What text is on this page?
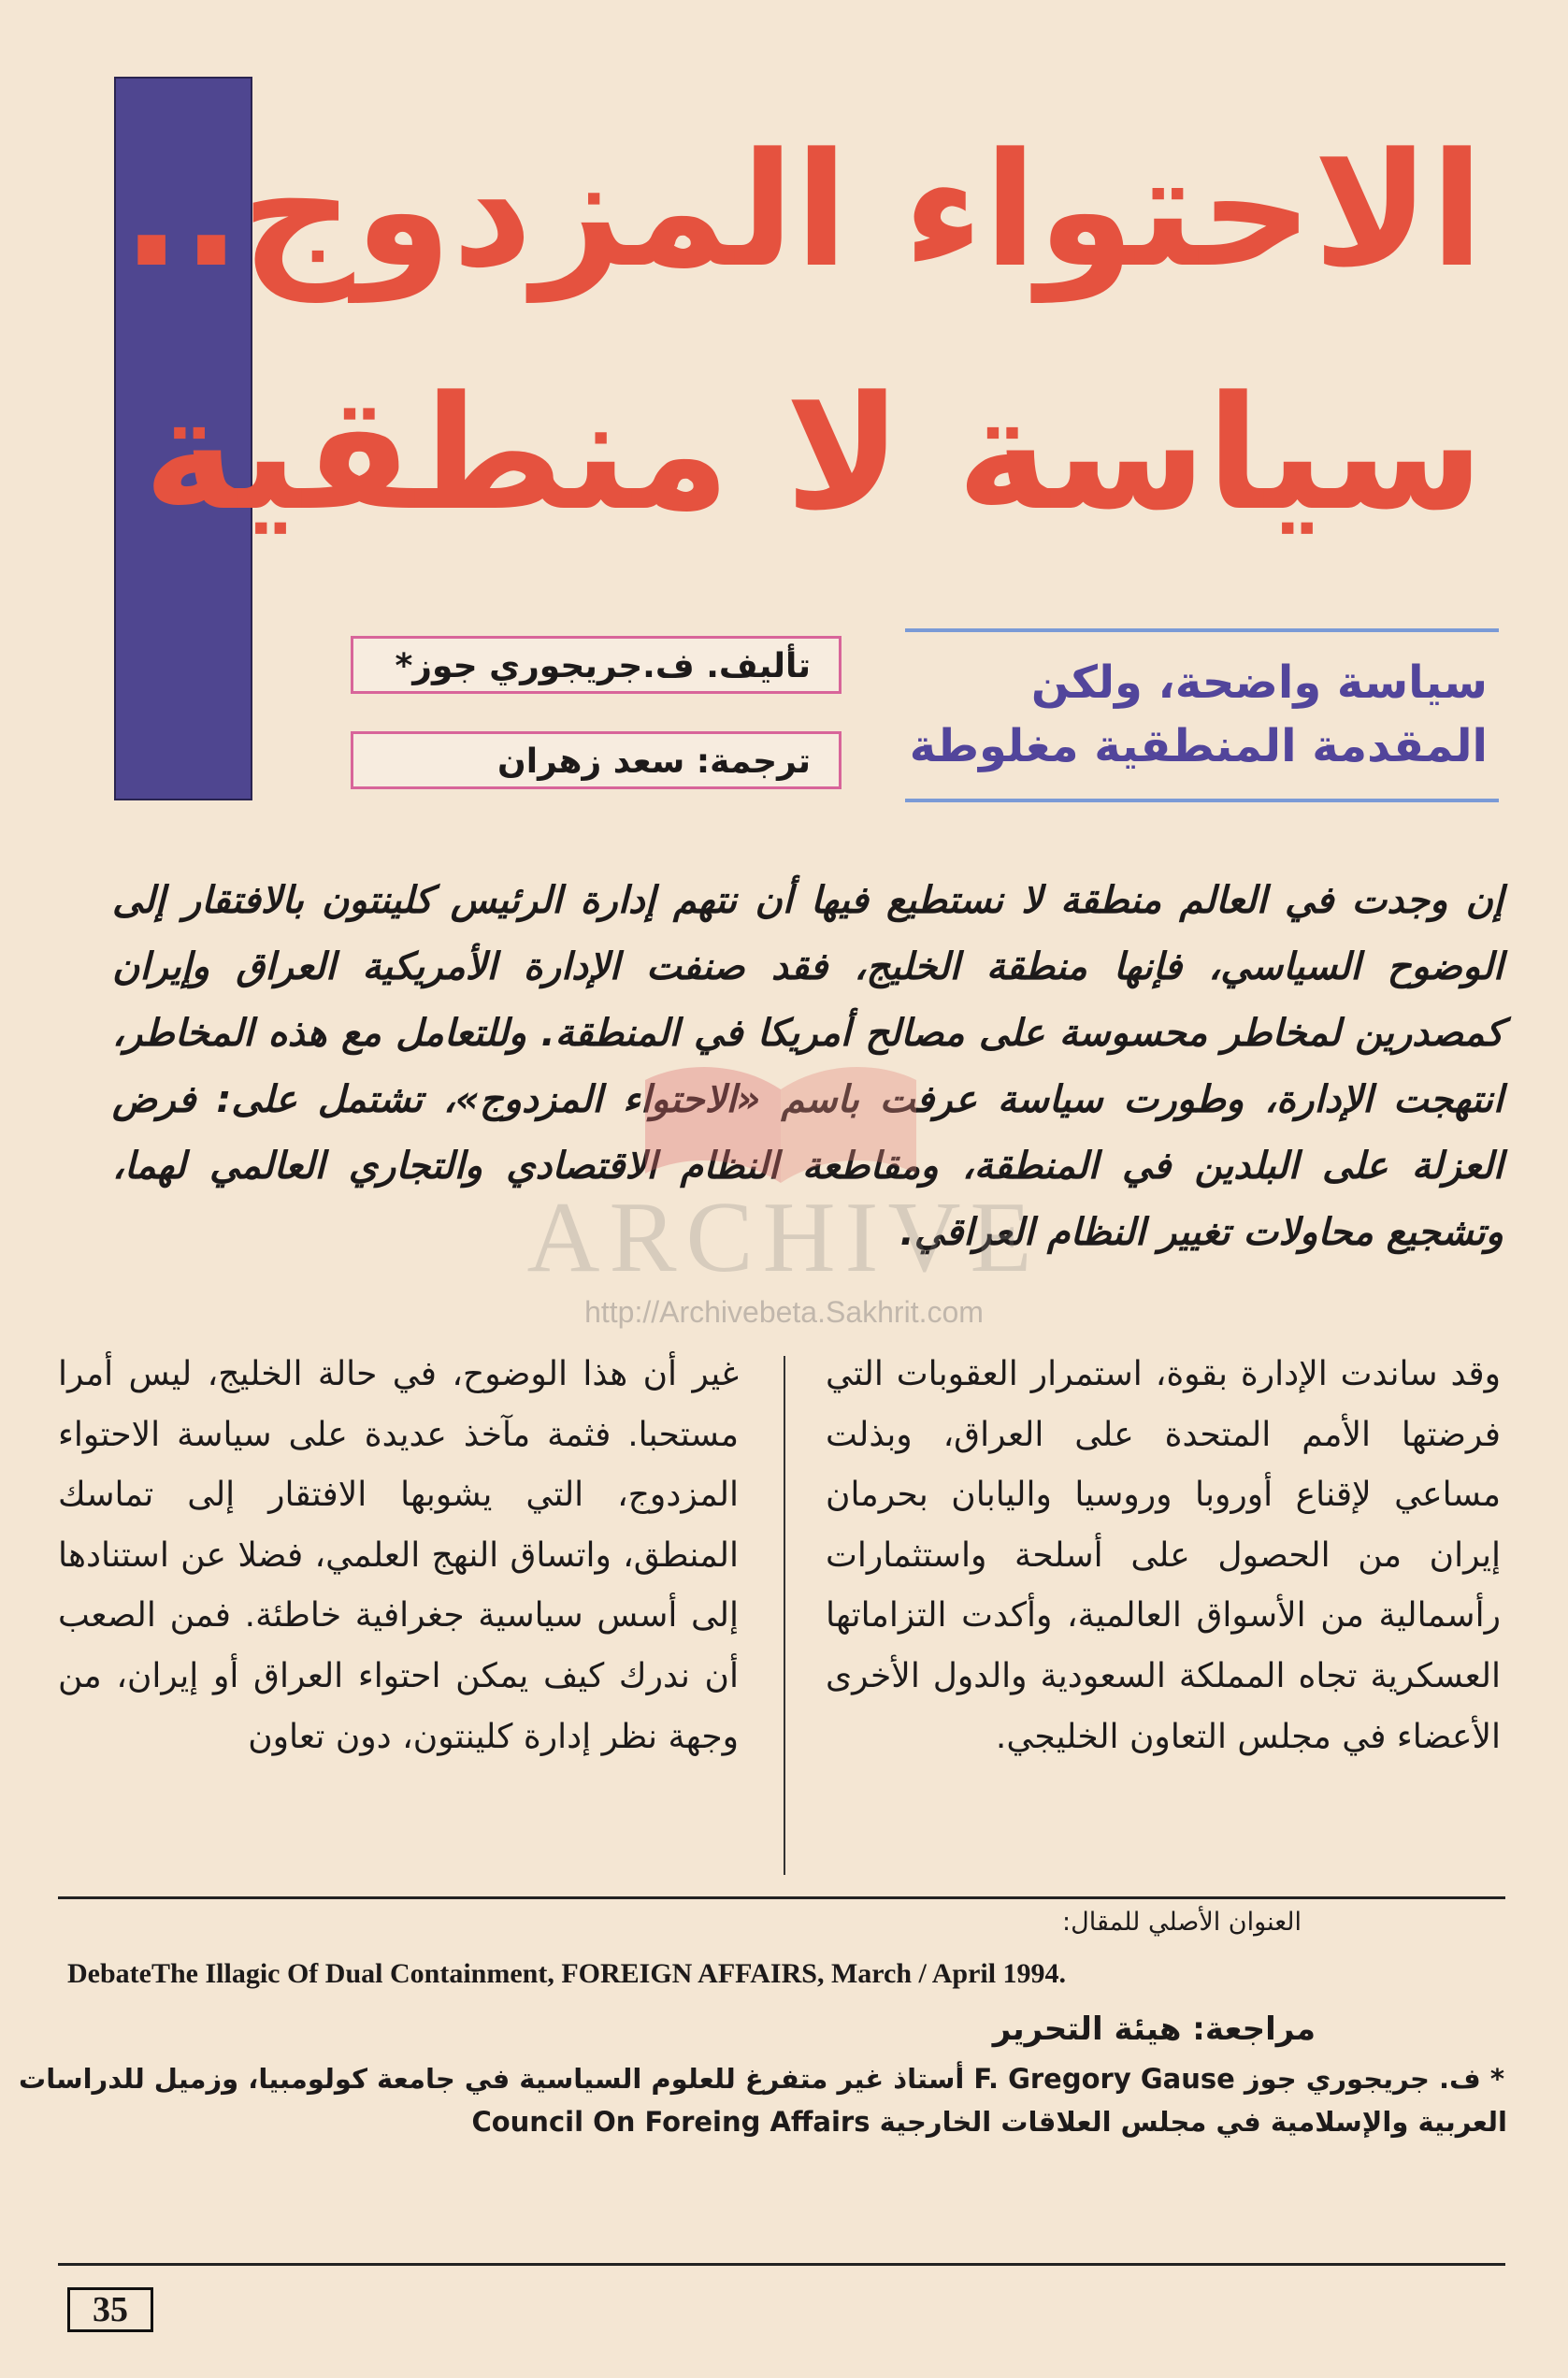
الاحتواء المزدوج..
سياسة لا منطقية
تأليف. ف.جريجوري جوز*
ترجمة: سعد زهران
سياسة واضحة، ولكن
المقدمة المنطقية مغلوطة

إن وجدت في العالم منطقة لا نستطيع فيها أن نتهم إدارة الرئيس كلينتون بالافتقار إلى الوضوح السياسي، فإنها منطقة الخليج، فقد صنفت الإدارة الأمريكية العراق وإيران كمصدرين لمخاطر محسوسة على مصالح أمريكا في المنطقة. وللتعامل مع هذه المخاطر، انتهجت الإدارة، وطورت سياسة عرفت باسم «الاحتواء المزدوج»، تشتمل على: فرض العزلة على البلدين في المنطقة، ومقاطعة النظام الاقتصادي والتجاري العالمي لهما، وتشجيع محاولات تغيير النظام العراقي.

ARCHIVE

http://Archivebeta.Sakhrit.com

وقد ساندت الإدارة بقوة، استمرار العقوبات التي فرضتها الأمم المتحدة على العراق، وبذلت مساعي لإقناع أوروبا وروسيا واليابان بحرمان إيران من الحصول على أسلحة واستثمارات رأسمالية من الأسواق العالمية، وأكدت التزاماتها العسكرية تجاه المملكة السعودية والدول الأخرى الأعضاء في مجلس التعاون الخليجي.

غير أن هذا الوضوح، في حالة الخليج، ليس أمرا مستحبا. فثمة مآخذ عديدة على سياسة الاحتواء المزدوج، التي يشوبها الافتقار إلى تماسك المنطق، واتساق النهج العلمي، فضلا عن استنادها إلى أسس سياسية جغرافية خاطئة. فمن الصعب أن ندرك كيف يمكن احتواء العراق أو إيران، من وجهة نظر إدارة كلينتون، دون تعاون

العنوان الأصلي للمقال:

DebateThe Illagic Of Dual Containment, FOREIGN AFFAIRS, March / April 1994.

مراجعة: هيئة التحرير

* ف. جريجوري جوز F. Gregory Gause أستاذ غير متفرغ للعلوم السياسية في جامعة كولومبيا، وزميل للدراسات

العربية والإسلامية في مجلس العلاقات الخارجية Council On Foreing Affairs

35
